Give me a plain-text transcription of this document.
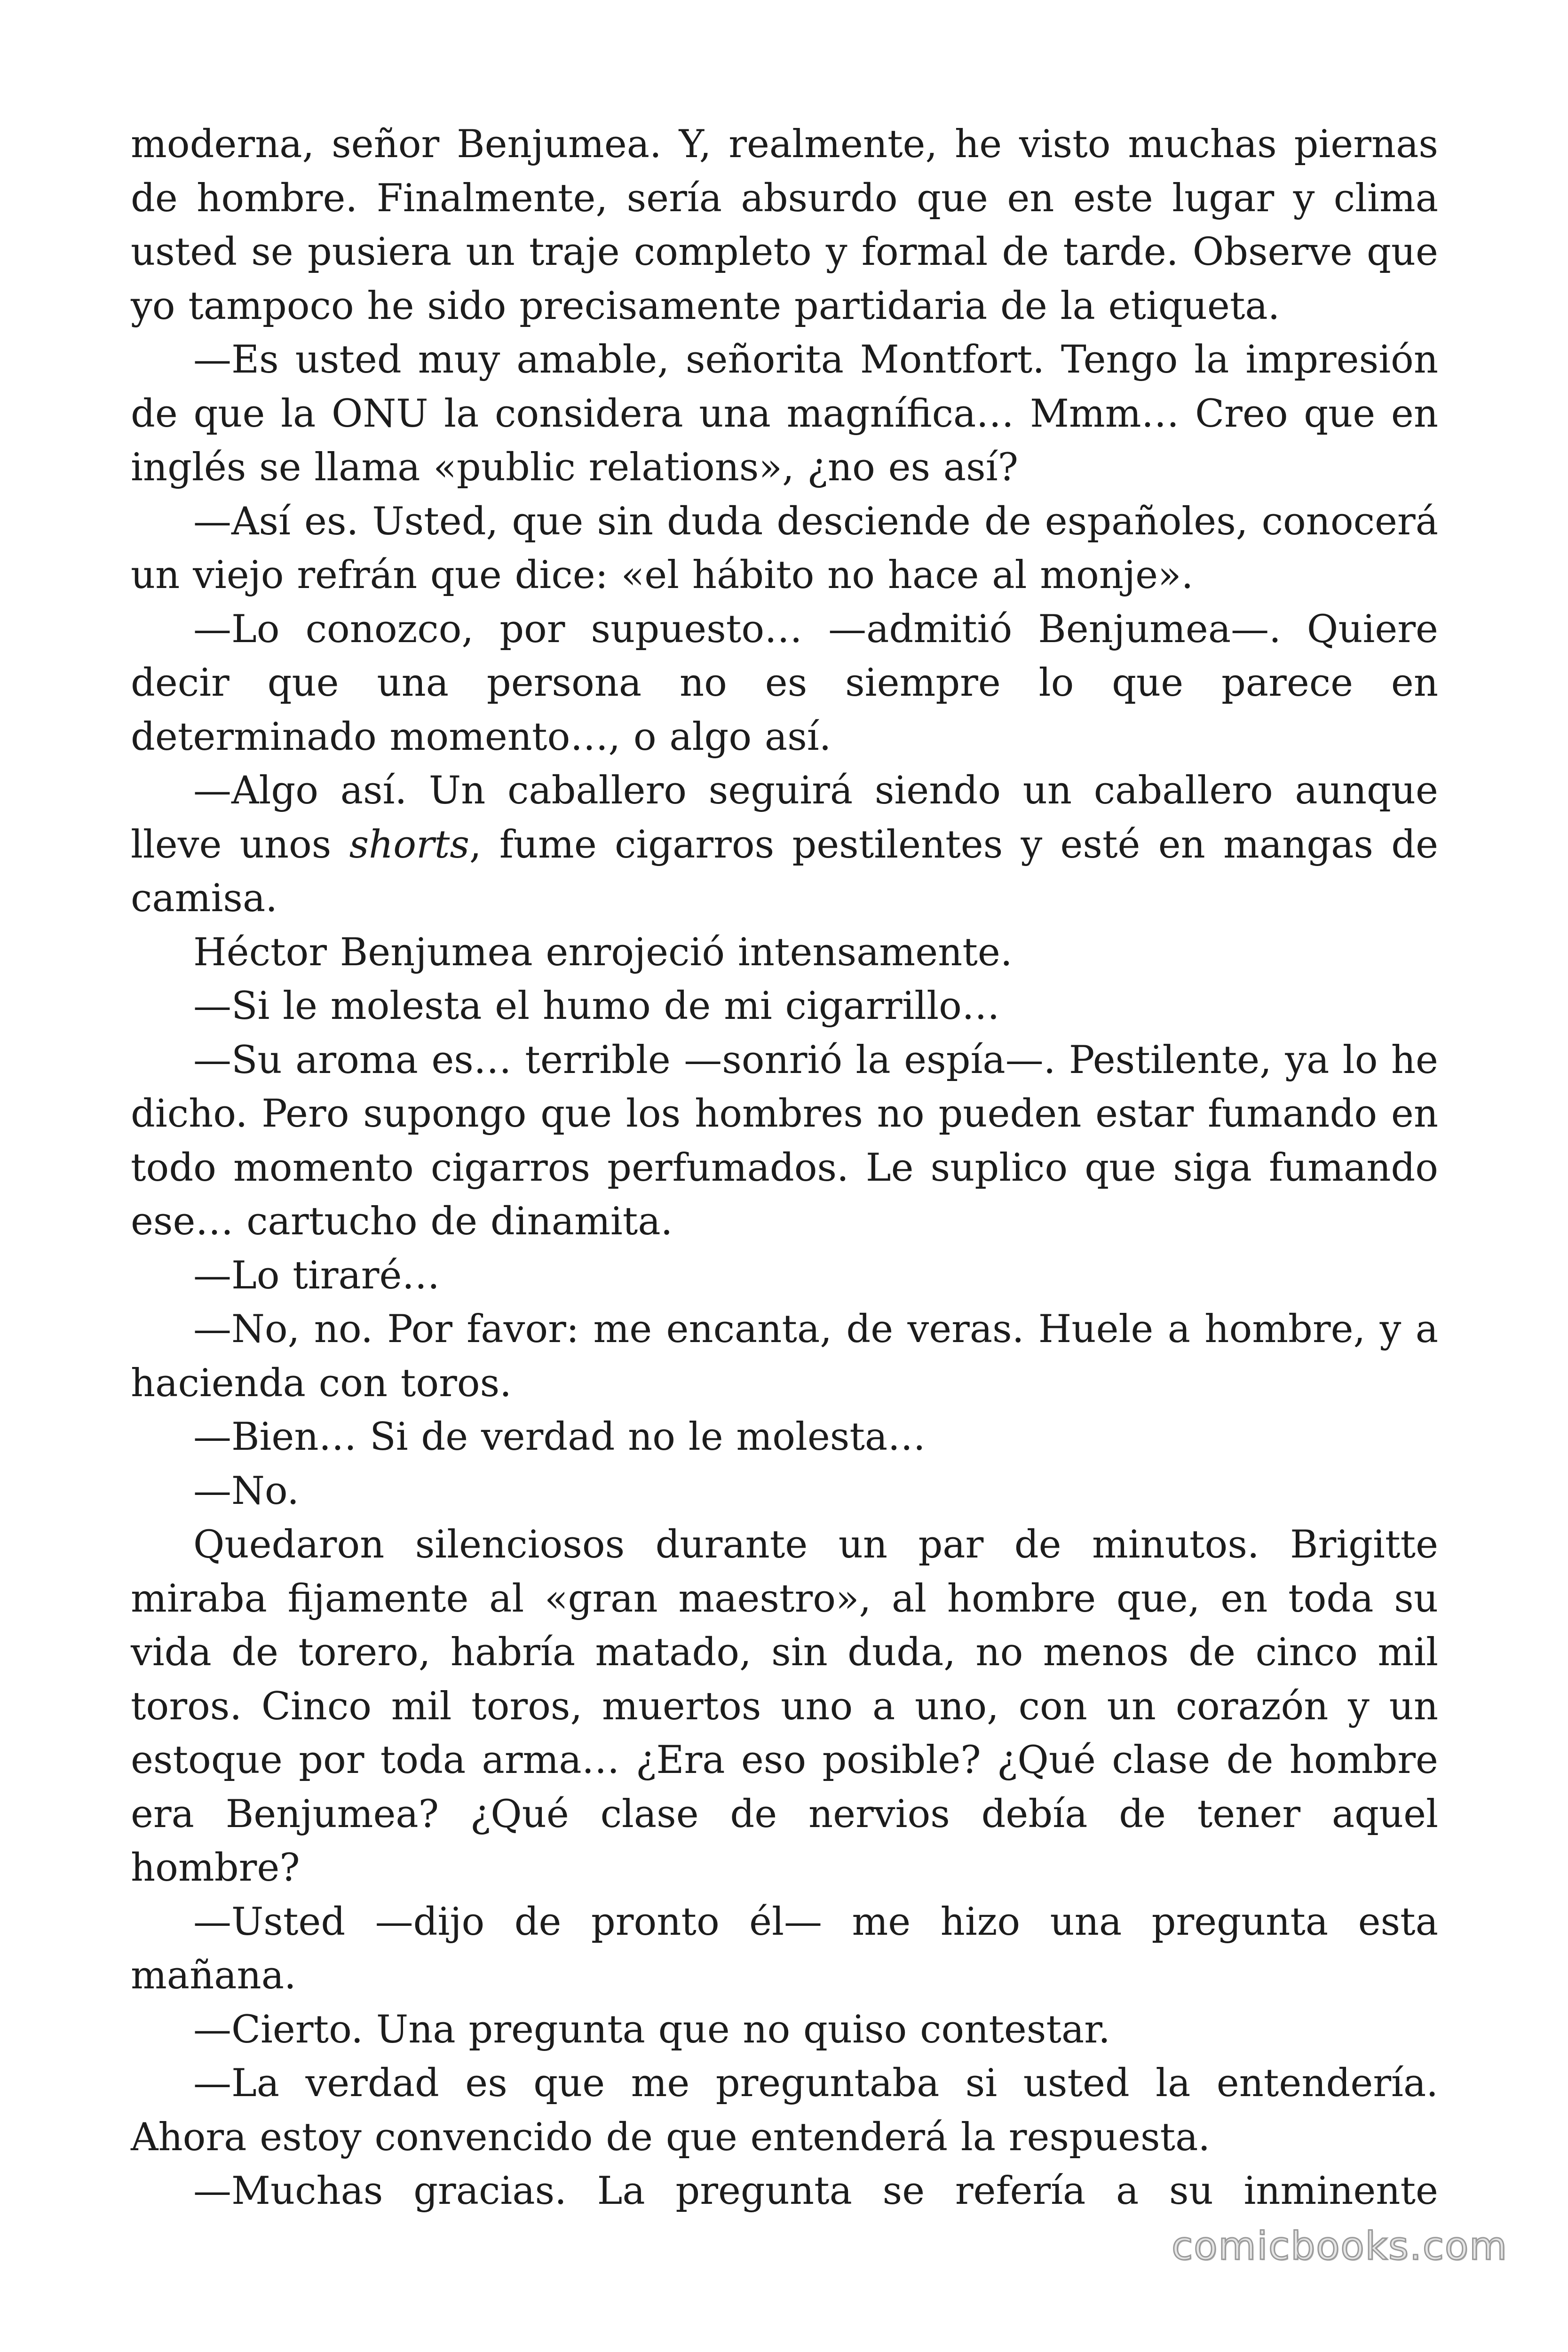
moderna, señor Benjumea. Y, realmente, he visto muchas piernas de hombre. Finalmente, sería absurdo que en este lugar y clima usted se pusiera un traje completo y formal de tarde. Observe que yo tampoco he sido precisamente partidaria de la etiqueta.

—Es usted muy amable, señorita Montfort. Tengo la impresión de que la ONU la considera una magnífica… Mmm… Creo que en inglés se llama «public relations», ¿no es así?

—Así es. Usted, que sin duda desciende de españoles, conocerá un viejo refrán que dice: «el hábito no hace al monje».

—Lo conozco, por supuesto… —admitió Benjumea—. Quiere decir que una persona no es siempre lo que parece en determinado momento…, o algo así.

—Algo así. Un caballero seguirá siendo un caballero aunque lleve unos shorts, fume cigarros pestilentes y esté en mangas de camisa.

Héctor Benjumea enrojeció intensamente.

—Si le molesta el humo de mi cigarrillo…

—Su aroma es… terrible —sonrió la espía—. Pestilente, ya lo he dicho. Pero supongo que los hombres no pueden estar fumando en todo momento cigarros perfumados. Le suplico que siga fumando ese… cartucho de dinamita.

—Lo tiraré…

—No, no. Por favor: me encanta, de veras. Huele a hombre, y a hacienda con toros.

—Bien… Si de verdad no le molesta…

—No.

Quedaron silenciosos durante un par de minutos. Brigitte miraba fijamente al «gran maestro», al hombre que, en toda su vida de torero, habría matado, sin duda, no menos de cinco mil toros. Cinco mil toros, muertos uno a uno, con un corazón y un estoque por toda arma… ¿Era eso posible? ¿Qué clase de hombre era Benjumea? ¿Qué clase de nervios debía de tener aquel hombre?

—Usted —dijo de pronto él— me hizo una pregunta esta mañana.

—Cierto. Una pregunta que no quiso contestar.

—La verdad es que me preguntaba si usted la entendería. Ahora estoy convencido de que entenderá la respuesta.

—Muchas gracias. La pregunta se refería a su inminente

comicbooks.com
